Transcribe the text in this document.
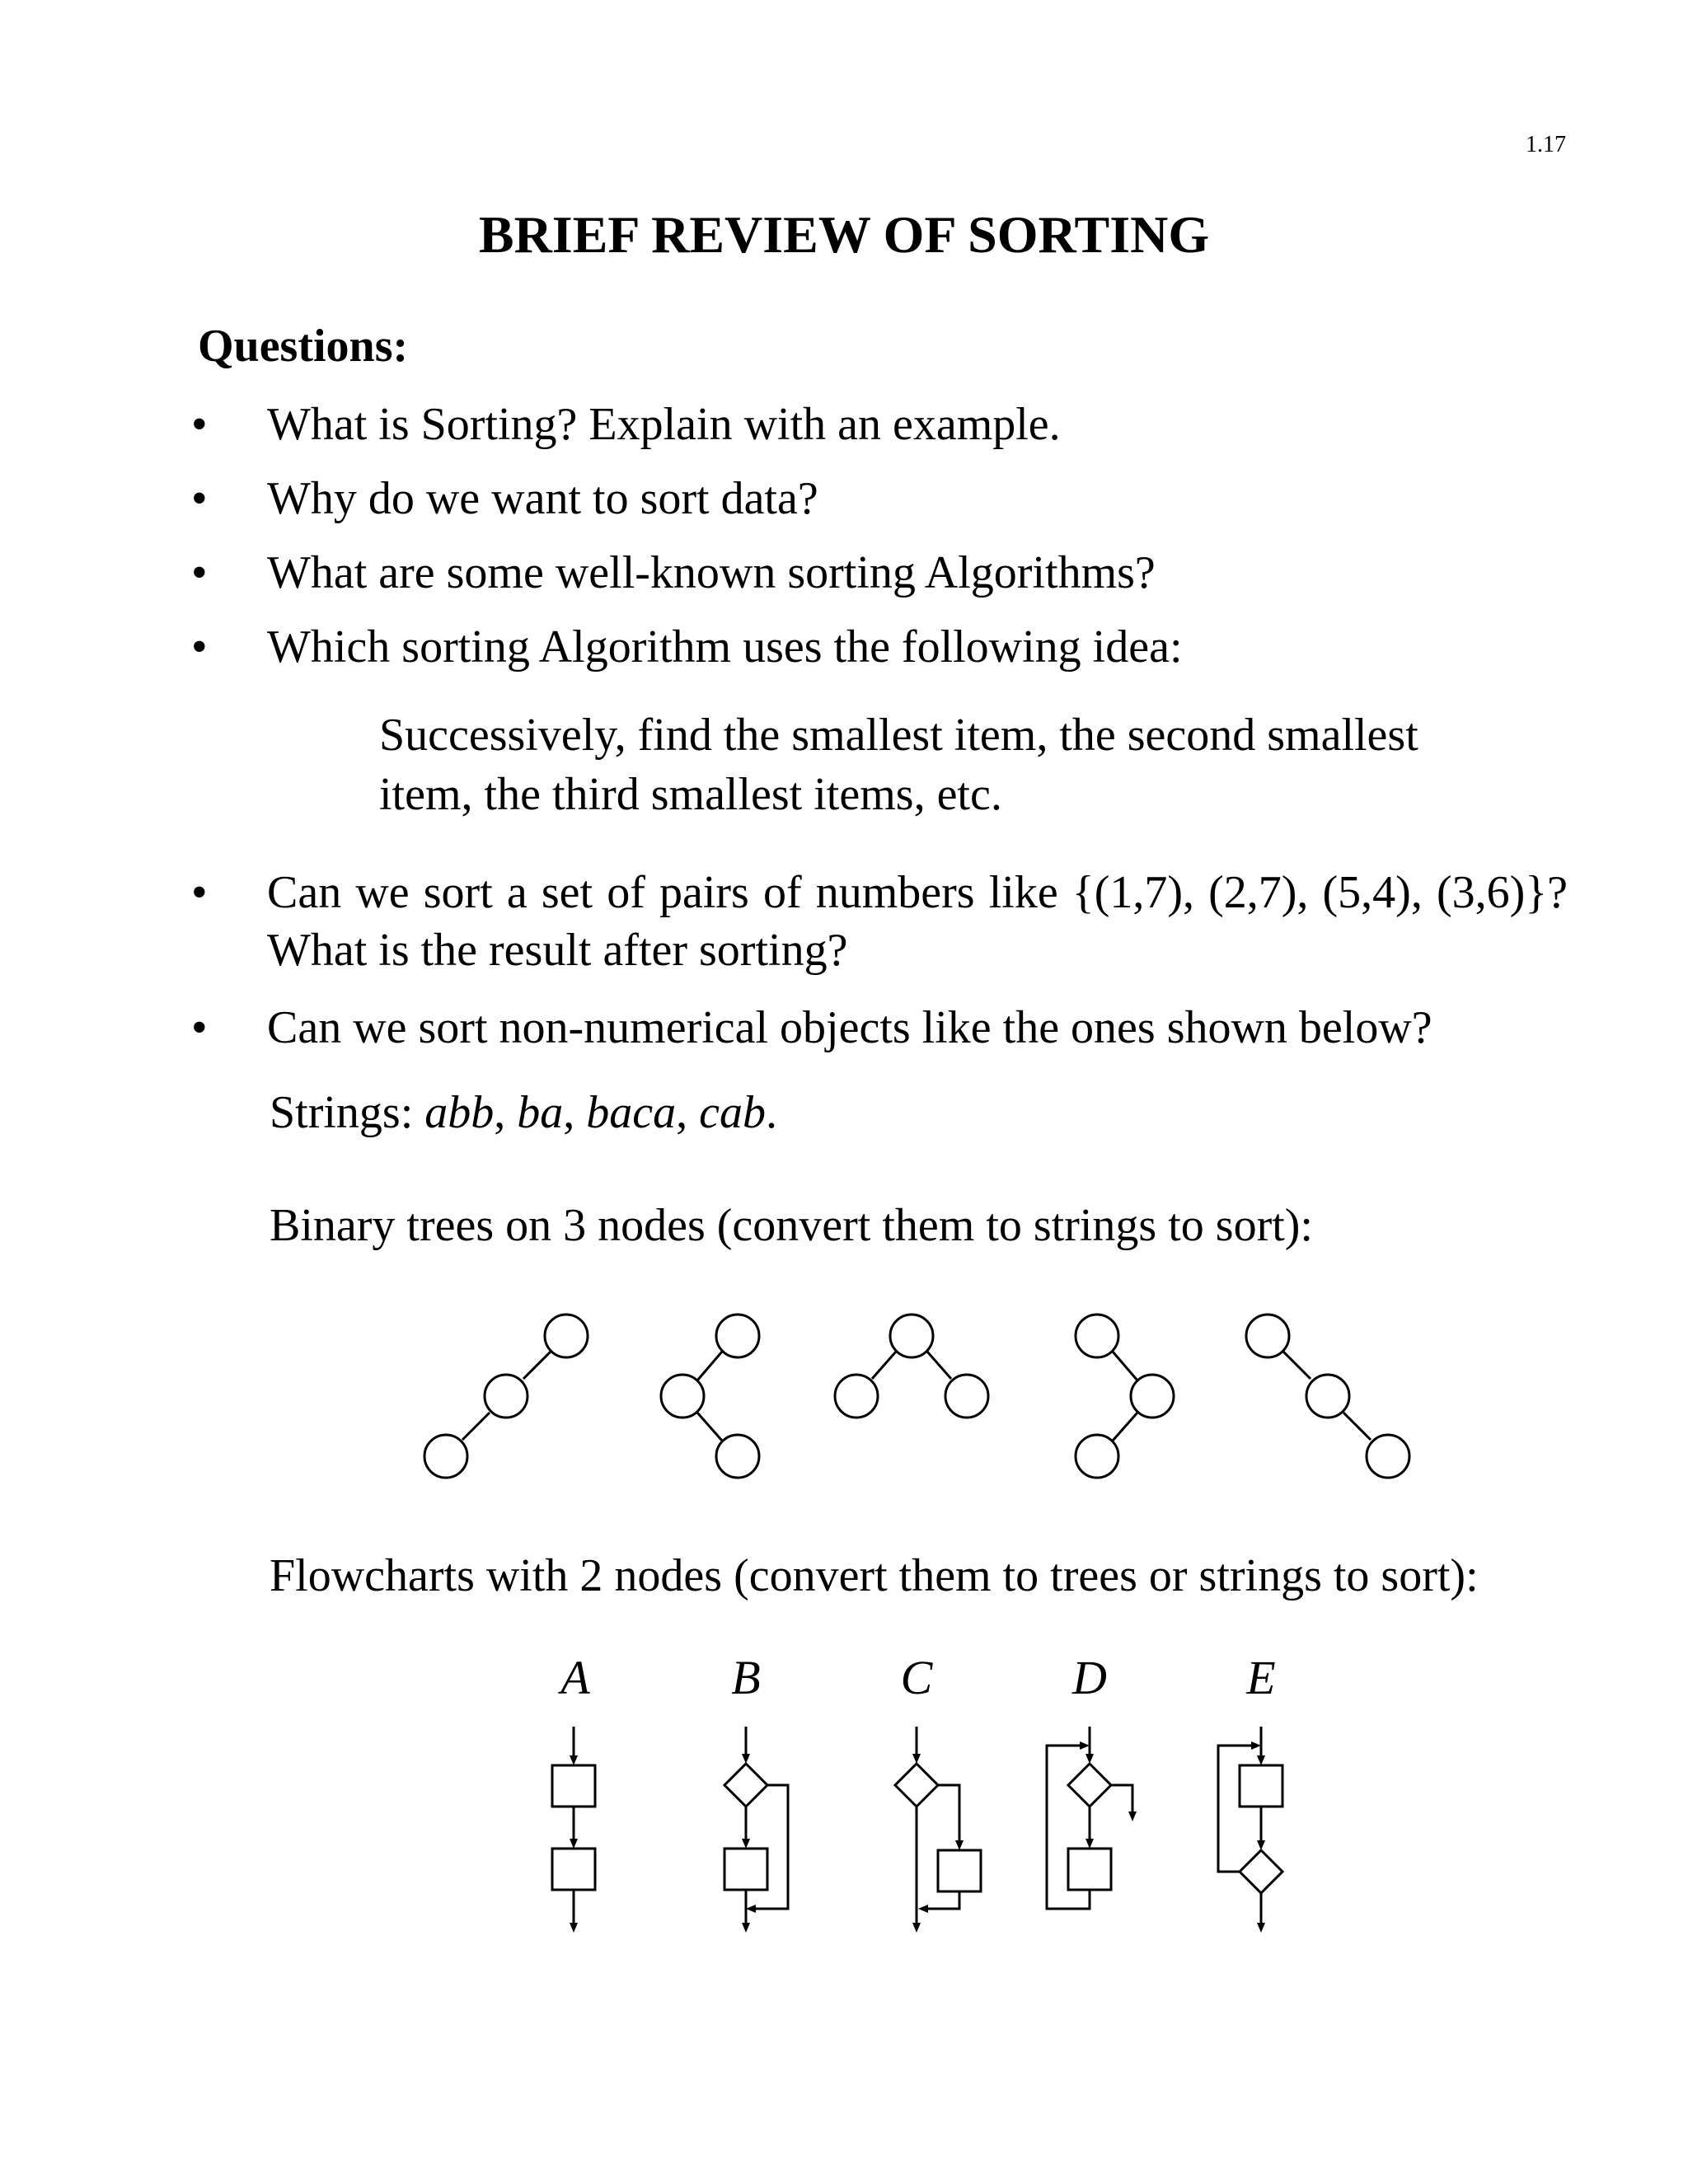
1.17
BRIEF REVIEW OF SORTING
Questions:
• What is Sorting? Explain with an example.
• Why do we want to sort data?
• What are some well-known sorting Algorithms?
• Which sorting Algorithm uses the following idea:
Successively, find the smallest item, the second smallest item, the third smallest items, etc.
• Can we sort a set of pairs of numbers like {(1,7), (2,7), (5,4), (3,6)}? What is the result after sorting?
• Can we sort non-numerical objects like the ones shown below?
Strings: abb, ba, baca, cab.
Binary trees on 3 nodes (convert them to strings to sort):
Flowcharts with 2 nodes (convert them to trees or strings to sort):
A	B	C	D	E
